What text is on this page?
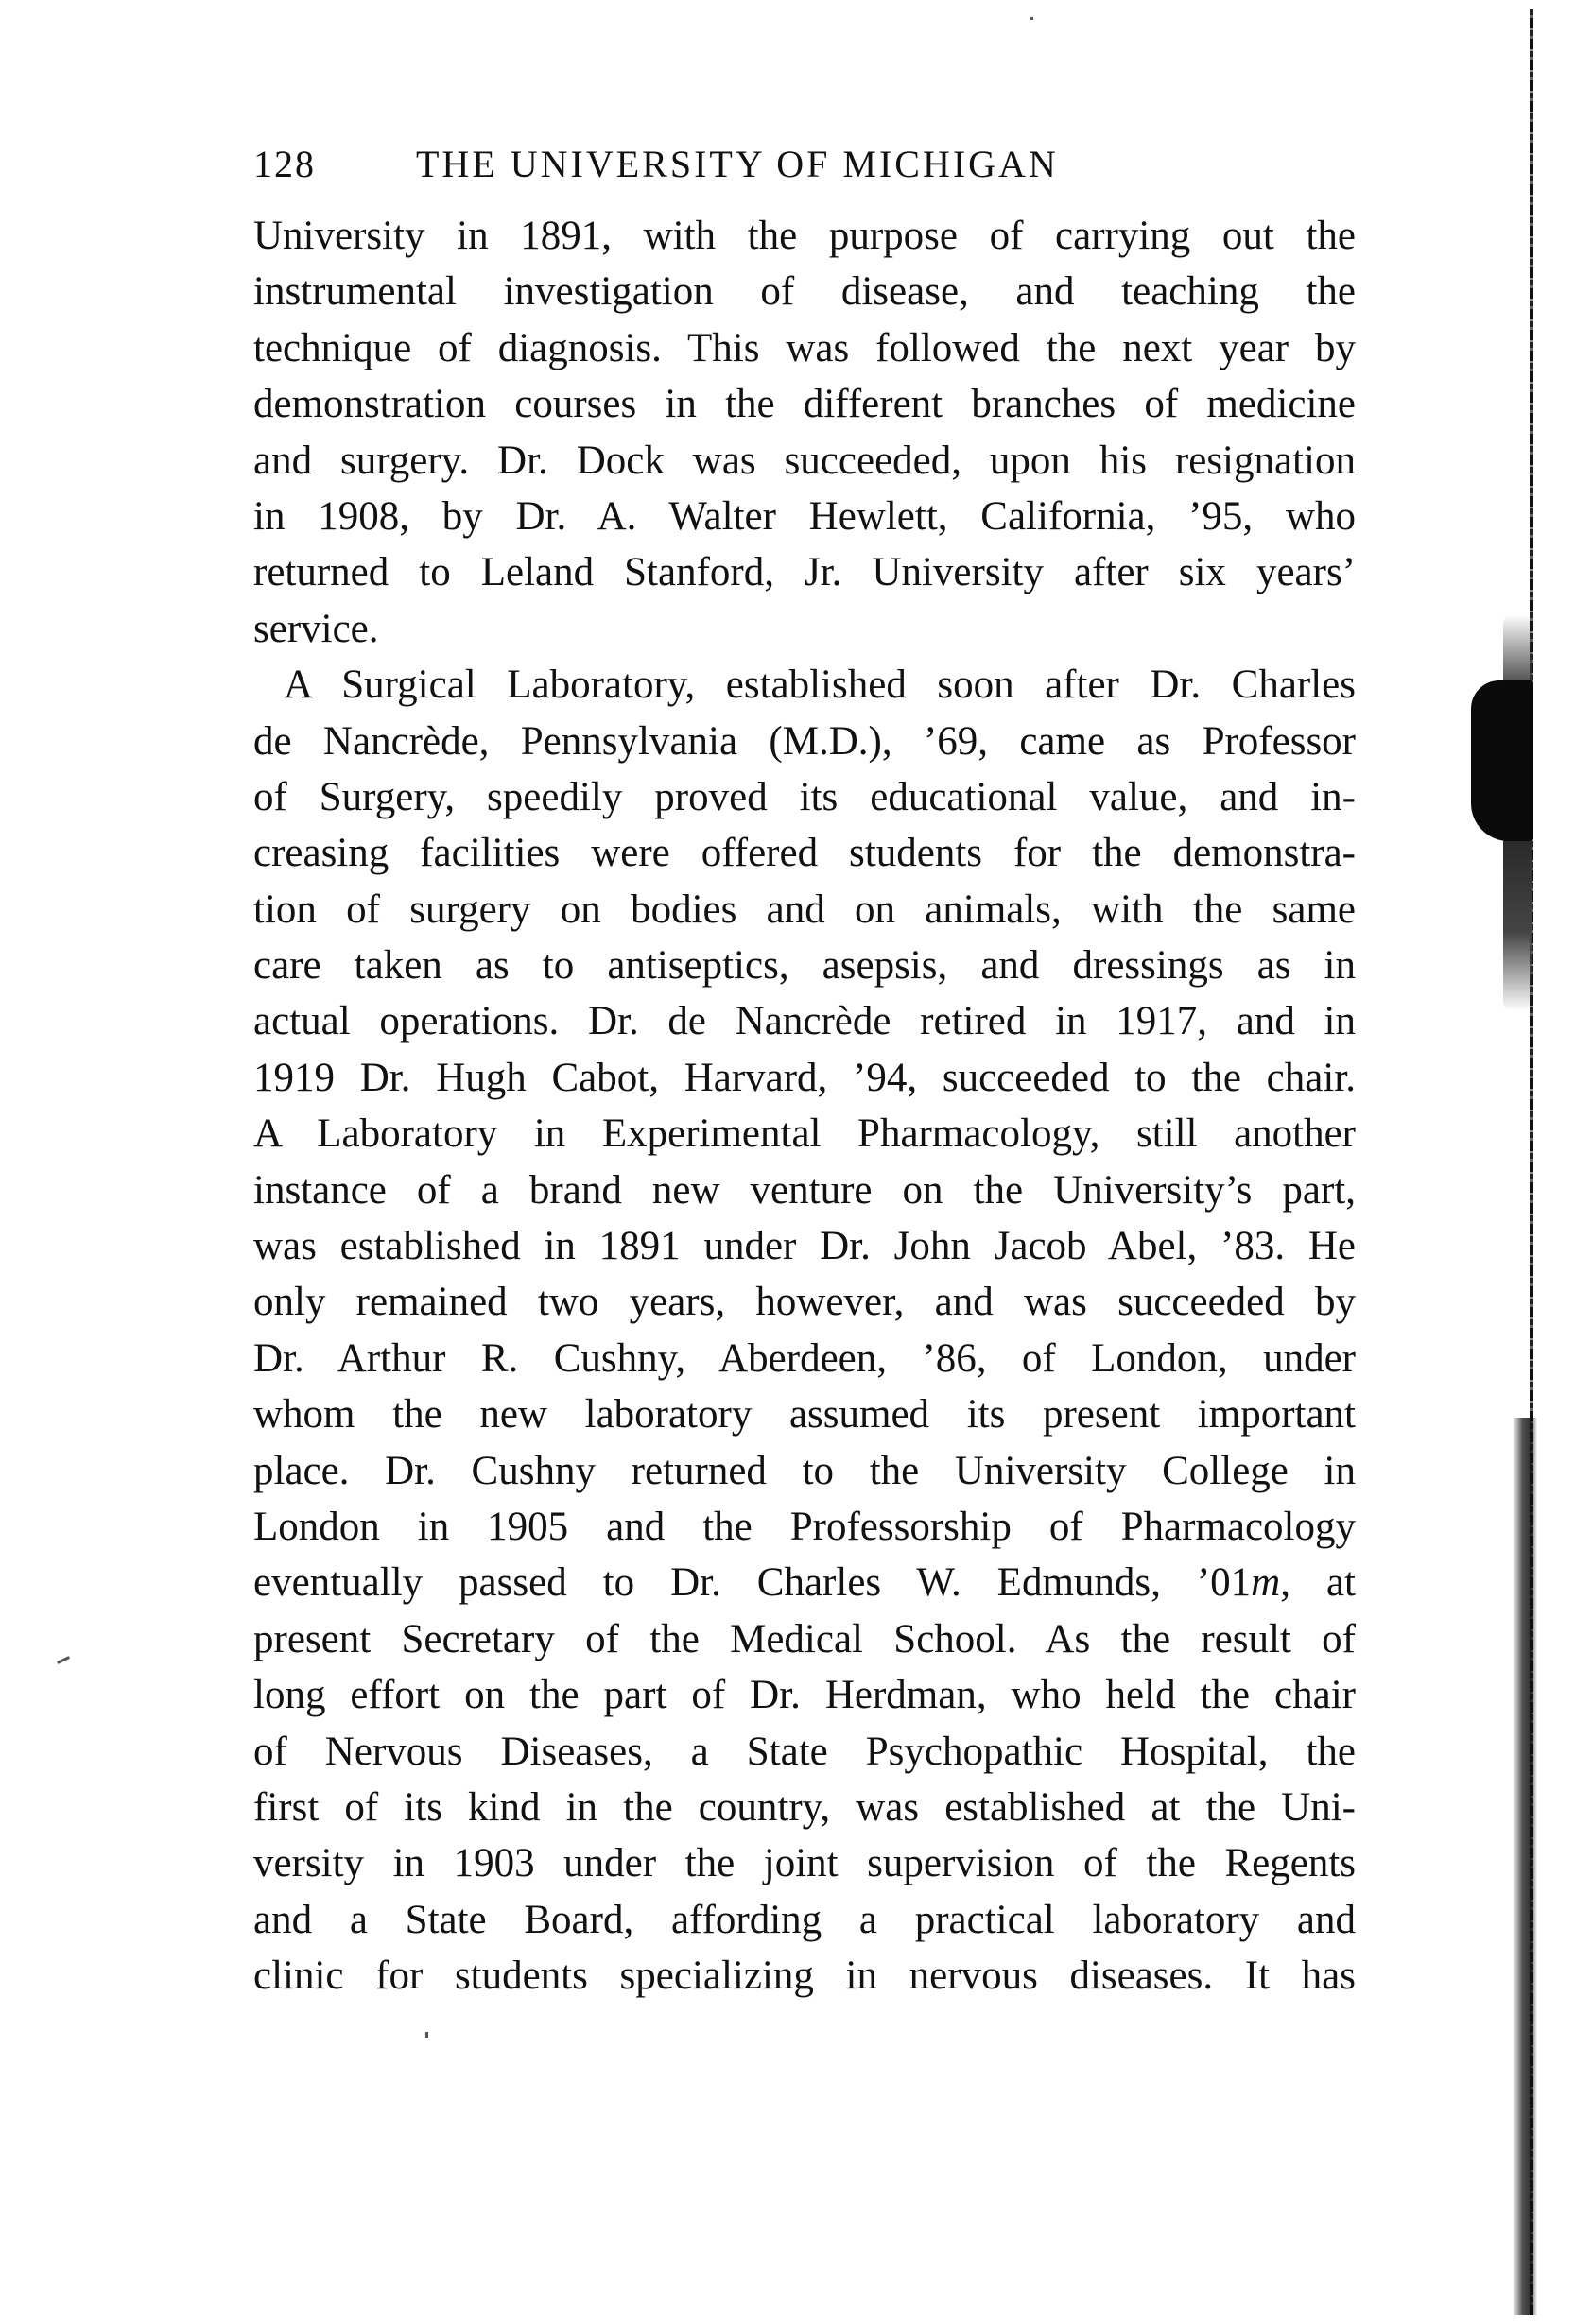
128	THE UNIVERSITY OF MICHIGAN
University in 1891, with the purpose of carrying out the
instrumental investigation of disease, and teaching the
technique of diagnosis. This was followed the next year by
demonstration courses in the different branches of medicine
and surgery. Dr. Dock was succeeded, upon his resignation
in 1908, by Dr. A. Walter Hewlett, California, ’95, who
returned to Leland Stanford, Jr. University after six years’
service.
A Surgical Laboratory, established soon after Dr. Charles
de Nancrède, Pennsylvania (M.D.), ’69, came as Professor
of Surgery, speedily proved its educational value, and in-
creasing facilities were offered students for the demonstra-
tion of surgery on bodies and on animals, with the same
care taken as to antiseptics, asepsis, and dressings as in
actual operations. Dr. de Nancrède retired in 1917, and in
1919 Dr. Hugh Cabot, Harvard, ’94, succeeded to the chair.
A Laboratory in Experimental Pharmacology, still another
instance of a brand new venture on the University’s part,
was established in 1891 under Dr. John Jacob Abel, ’83. He
only remained two years, however, and was succeeded by
Dr. Arthur R. Cushny, Aberdeen, ’86, of London, under
whom the new laboratory assumed its present important
place. Dr. Cushny returned to the University College in
London in 1905 and the Professorship of Pharmacology
eventually passed to Dr. Charles W. Edmunds, ’01m, at
present Secretary of the Medical School. As the result of
long effort on the part of Dr. Herdman, who held the chair
of Nervous Diseases, a State Psychopathic Hospital, the
first of its kind in the country, was established at the Uni-
versity in 1903 under the joint supervision of the Regents
and a State Board, affording a practical laboratory and
clinic for students specializing in nervous diseases. It has
